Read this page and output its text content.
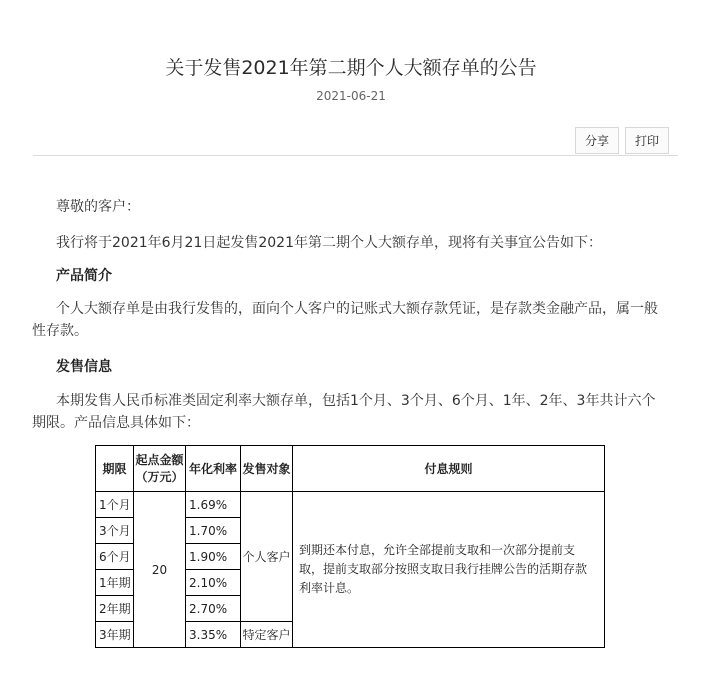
关于发售2021年第二期个人大额存单的公告
2021-06-21
分享	打印

尊敬的客户：

我行将于2021年6月21日起发售2021年第二期个人大额存单，现将有关事宜公告如下：

产品简介

个人大额存单是由我行发售的，面向个人客户的记账式大额存款凭证，是存款类金融产品，属一般性存款。

发售信息

本期发售人民币标准类固定利率大额存单，包括1个月、3个月、6个月、1年、2年、3年共计六个期限。产品信息具体如下：

期限	起点金额（万元）	年化利率	发售对象	付息规则
1个月	20	1.69%	个人客户	到期还本付息，允许全部提前支取和一次部分提前支取，提前支取部分按照支取日我行挂牌公告的活期存款利率计息。
3个月		1.70%		
6个月		1.90%		
1年期		2.10%		
2年期		2.70%		
3年期		3.35%	特定客户	
